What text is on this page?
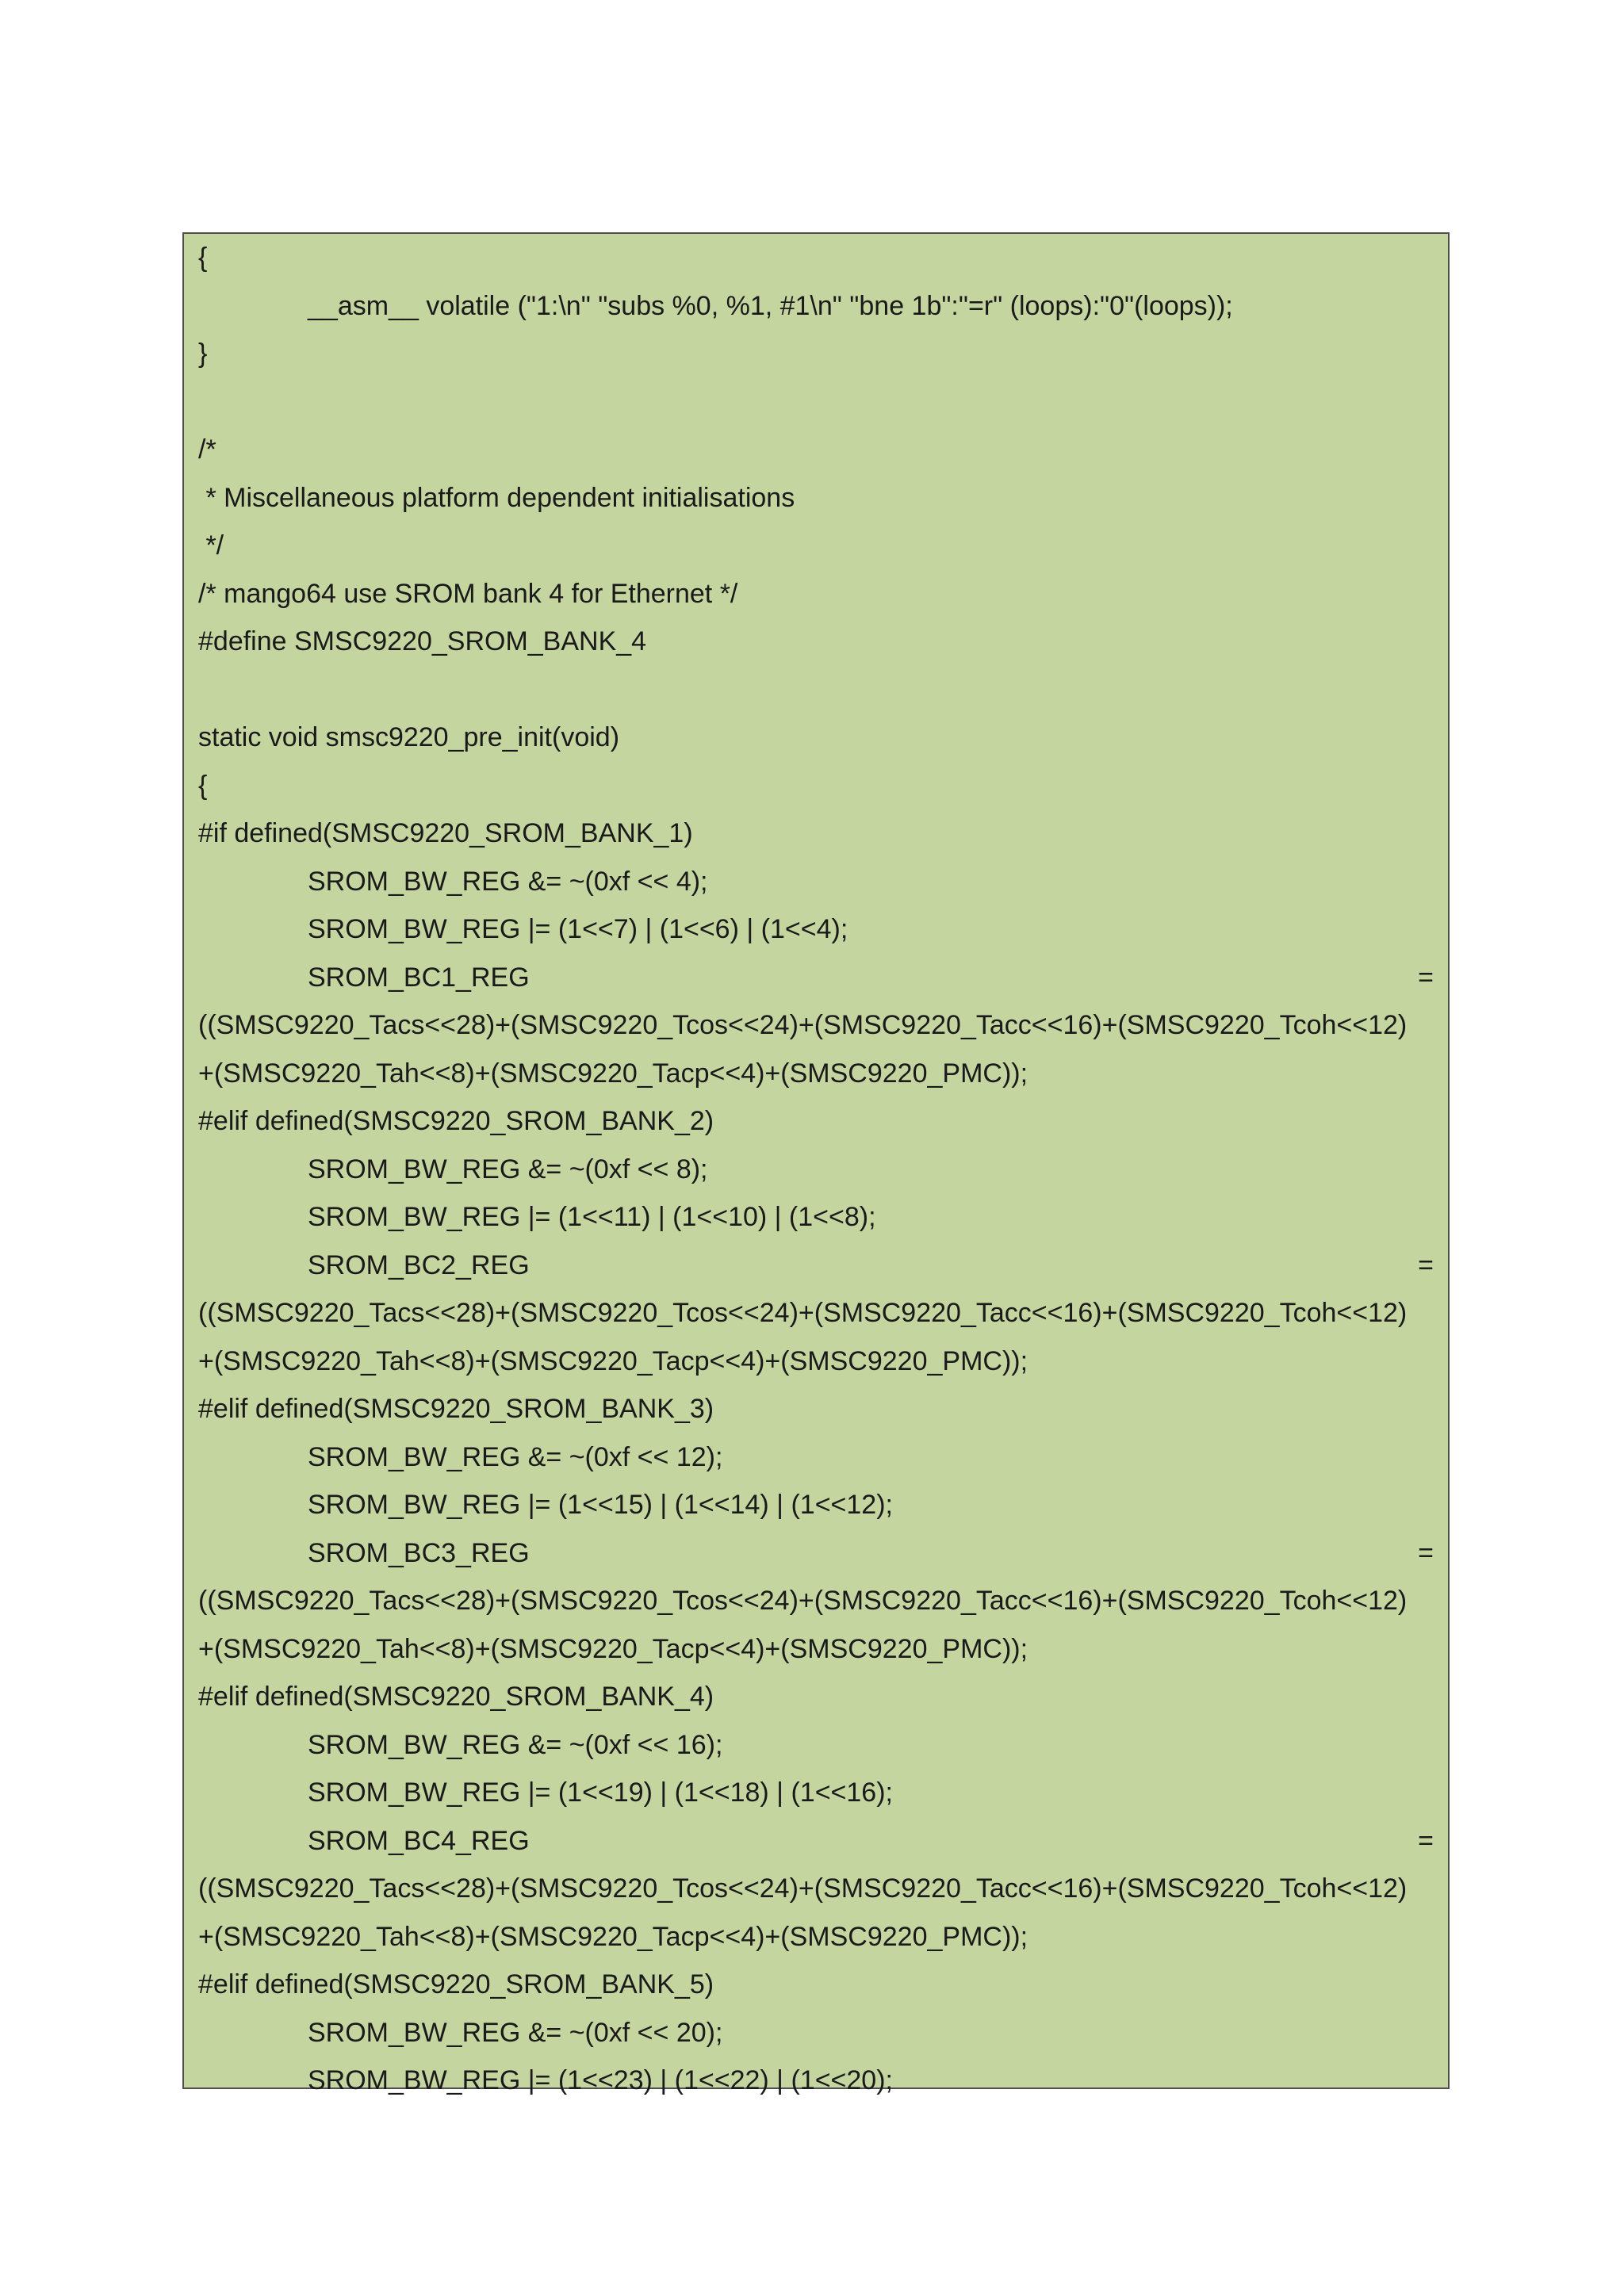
{
__asm__ volatile ("1:\n" "subs %0, %1, #1\n" "bne 1b":"=r" (loops):"0"(loops));
}
/*
* Miscellaneous platform dependent initialisations
*/
/* mango64 use SROM bank 4 for Ethernet */
#define SMSC9220_SROM_BANK_4
static void smsc9220_pre_init(void)
{
#if defined(SMSC9220_SROM_BANK_1)
SROM_BW_REG &= ~(0xf << 4);
SROM_BW_REG |= (1<<7) | (1<<6) | (1<<4);
SROM_BC1_REG	=
((SMSC9220_Tacs<<28)+(SMSC9220_Tcos<<24)+(SMSC9220_Tacc<<16)+(SMSC9220_Tcoh<<12)
+(SMSC9220_Tah<<8)+(SMSC9220_Tacp<<4)+(SMSC9220_PMC));
#elif defined(SMSC9220_SROM_BANK_2)
SROM_BW_REG &= ~(0xf << 8);
SROM_BW_REG |= (1<<11) | (1<<10) | (1<<8);
SROM_BC2_REG	=
((SMSC9220_Tacs<<28)+(SMSC9220_Tcos<<24)+(SMSC9220_Tacc<<16)+(SMSC9220_Tcoh<<12)
+(SMSC9220_Tah<<8)+(SMSC9220_Tacp<<4)+(SMSC9220_PMC));
#elif defined(SMSC9220_SROM_BANK_3)
SROM_BW_REG &= ~(0xf << 12);
SROM_BW_REG |= (1<<15) | (1<<14) | (1<<12);
SROM_BC3_REG	=
((SMSC9220_Tacs<<28)+(SMSC9220_Tcos<<24)+(SMSC9220_Tacc<<16)+(SMSC9220_Tcoh<<12)
+(SMSC9220_Tah<<8)+(SMSC9220_Tacp<<4)+(SMSC9220_PMC));
#elif defined(SMSC9220_SROM_BANK_4)
SROM_BW_REG &= ~(0xf << 16);
SROM_BW_REG |= (1<<19) | (1<<18) | (1<<16);
SROM_BC4_REG	=
((SMSC9220_Tacs<<28)+(SMSC9220_Tcos<<24)+(SMSC9220_Tacc<<16)+(SMSC9220_Tcoh<<12)
+(SMSC9220_Tah<<8)+(SMSC9220_Tacp<<4)+(SMSC9220_PMC));
#elif defined(SMSC9220_SROM_BANK_5)
SROM_BW_REG &= ~(0xf << 20);
SROM_BW_REG |= (1<<23) | (1<<22) | (1<<20);
